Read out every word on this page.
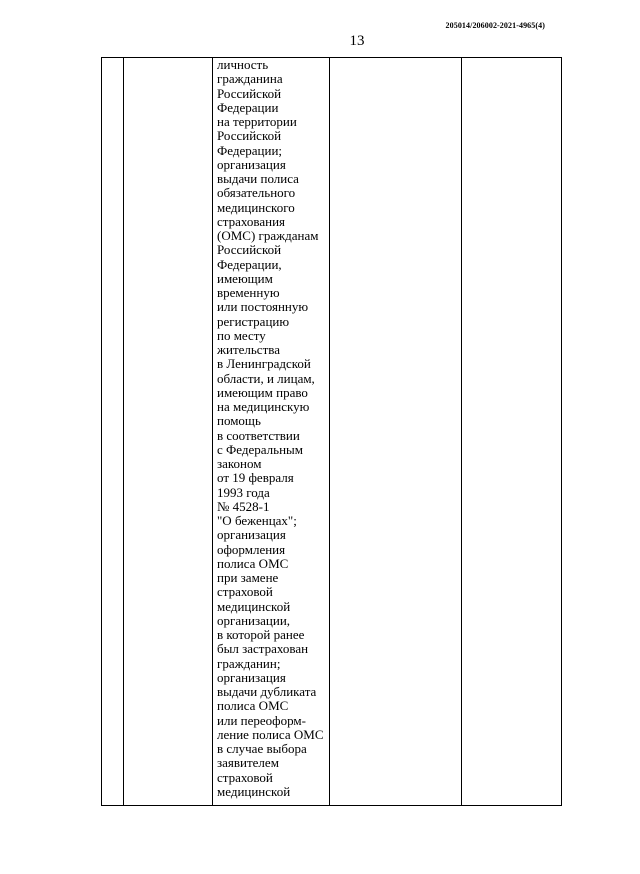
205014/206002-2021-4965(4)
13
личность
гражданина
Российской
Федерации
на территории
Российской
Федерации;
организация
выдачи полиса
обязательного
медицинского
страхования
(ОМС) гражданам
Российской
Федерации,
имеющим
временную
или постоянную
регистрацию
по месту
жительства
в Ленинградской
области, и лицам,
имеющим право
на медицинскую
помощь
в соответствии
с Федеральным
законом
от 19 февраля
1993 года
№ 4528-1
"О беженцах";
организация
оформления
полиса ОМС
при замене
страховой
медицинской
организации,
в которой ранее
был застрахован
гражданин;
организация
выдачи дубликата
полиса ОМС
или переоформ-
ление полиса ОМС
в случае выбора
заявителем
страховой
медицинской
